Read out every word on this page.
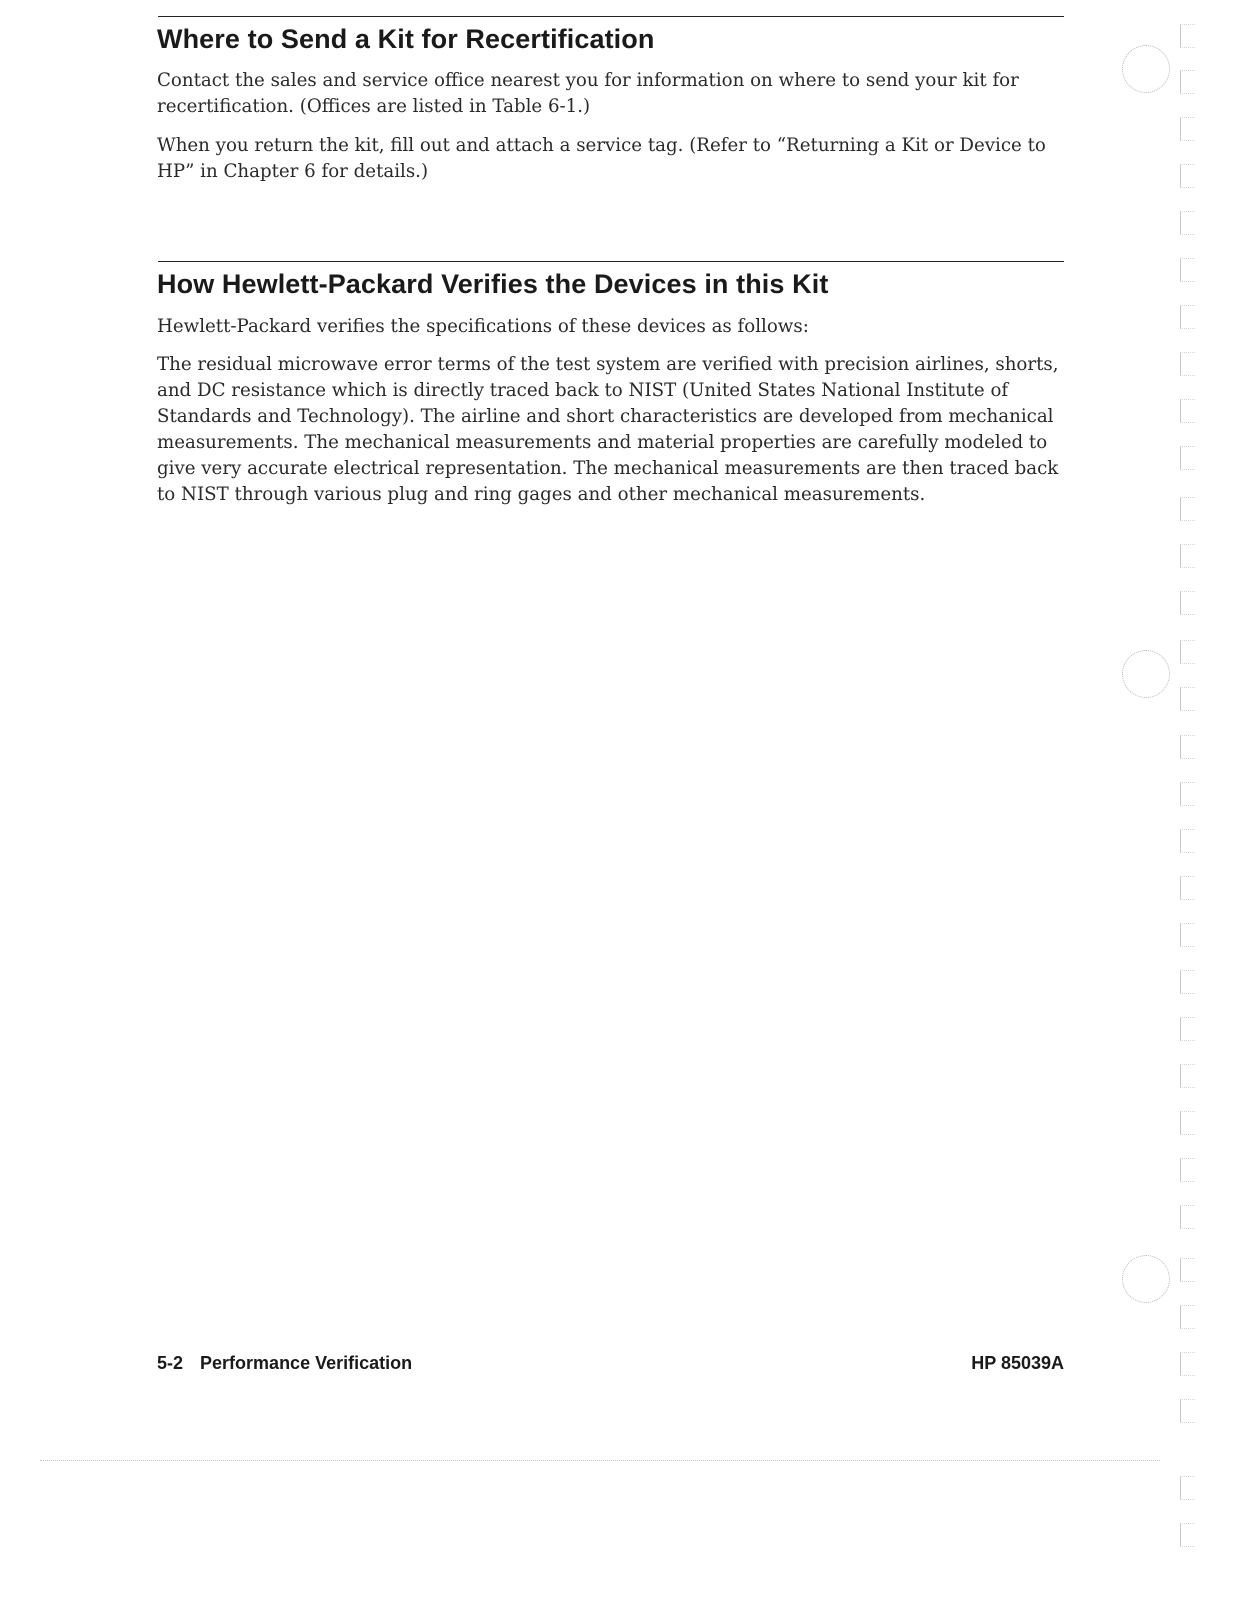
Where to Send a Kit for Recertification

Contact the sales and service office nearest you for information on where to send your kit for recertification. (Offices are listed in Table 6-1.)

When you return the kit, fill out and attach a service tag. (Refer to “Returning a Kit or Device to HP” in Chapter 6 for details.)

How Hewlett-Packard Verifies the Devices in this Kit

Hewlett-Packard verifies the specifications of these devices as follows:

The residual microwave error terms of the test system are verified with precision airlines, shorts, and DC resistance which is directly traced back to NIST (United States National Institute of Standards and Technology). The airline and short characteristics are developed from mechanical measurements. The mechanical measurements and material properties are carefully modeled to give very accurate electrical representation. The mechanical measurements are then traced back to NIST through various plug and ring gages and other mechanical measurements.

5-2 Performance Verification	HP 85039A
